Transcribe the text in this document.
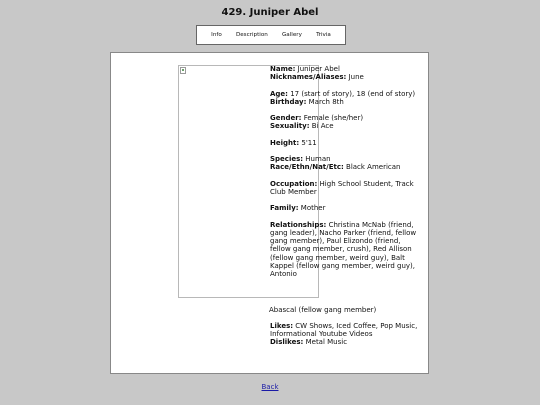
429. Juniper Abel
Info	Description	Gallery	Trivia
Name: Juniper Abel
Nicknames/Aliases: June
Age: 17 (start of story), 18 (end of story)
Birthday: March 8th
Gender: Female (she/her)
Sexuality: Bi Ace
Height: 5'11
Species: Human
Race/Ethn/Nat/Etc: Black American
Occupation: High School Student, Track Club Member
Family: Mother
Relationships: Christina McNab (friend, gang leader), Nacho Parker (friend, fellow gang member), Paul Elizondo (friend, fellow gang member, crush), Red Allison (fellow gang member, weird guy), Balt Kappel (fellow gang member, weird guy), Antonio
Abascal (fellow gang member)
Likes: CW Shows, Iced Coffee, Pop Music, Informational Youtube Videos
Dislikes: Metal Music
Back
